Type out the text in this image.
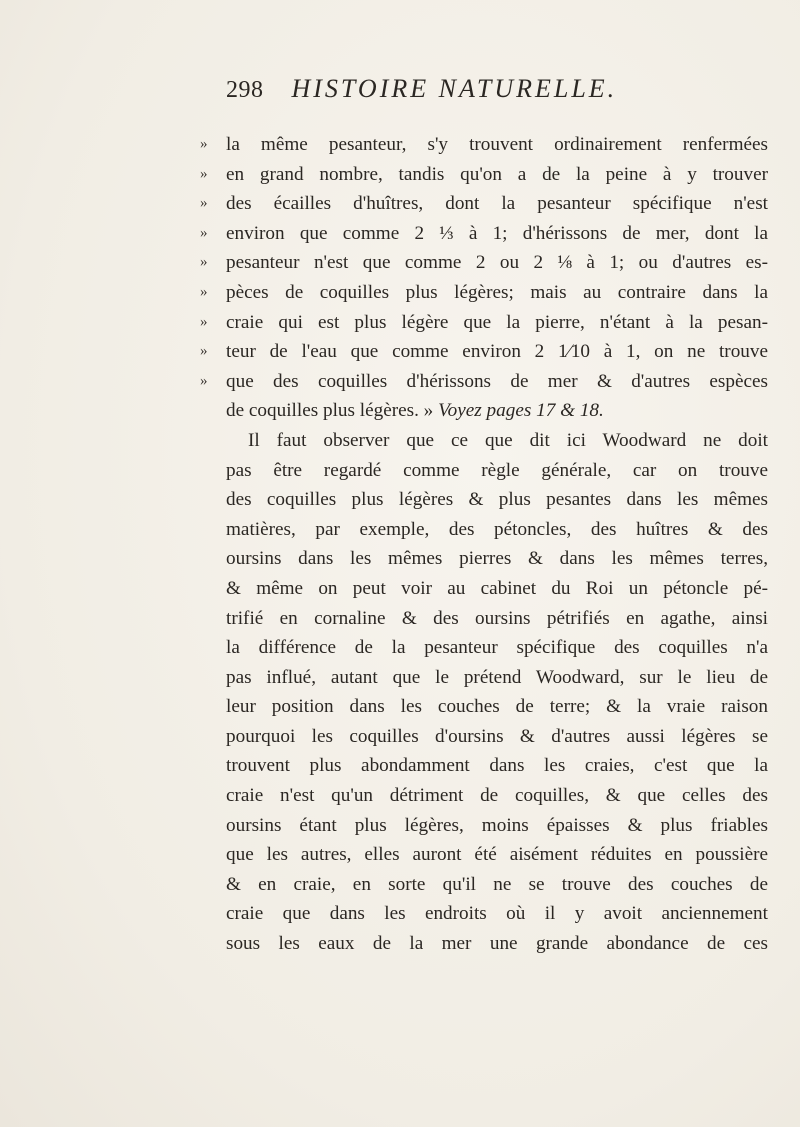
298 HISTOIRE NATURELLE.
» la même pesanteur, s'y trouvent ordinairement renfermées
» en grand nombre, tandis qu'on a de la peine à y trouver
» des écailles d'huîtres, dont la pesanteur spécifique n'est
» environ que comme 2 ⅓ à 1; d'hérissons de mer, dont la
» pesanteur n'est que comme 2 ou 2 ⅛ à 1; ou d'autres es-
» pèces de coquilles plus légères; mais au contraire dans la
» craie qui est plus légère que la pierre, n'étant à la pesan-
» teur de l'eau que comme environ 2 1⁄10 à 1, on ne trouve
» que des coquilles d'hérissons de mer & d'autres espèces
de coquilles plus légères. » Voyez pages 17 & 18.
Il faut observer que ce que dit ici Woodward ne doit
pas être regardé comme règle générale, car on trouve
des coquilles plus légères & plus pesantes dans les mêmes
matières, par exemple, des pétoncles, des huîtres & des
oursins dans les mêmes pierres & dans les mêmes terres,
& même on peut voir au cabinet du Roi un pétoncle pé-
trifié en cornaline & des oursins pétrifiés en agathe, ainsi
la différence de la pesanteur spécifique des coquilles n'a
pas influé, autant que le prétend Woodward, sur le lieu de
leur position dans les couches de terre; & la vraie raison
pourquoi les coquilles d'oursins & d'autres aussi légères se
trouvent plus abondamment dans les craies, c'est que la
craie n'est qu'un détriment de coquilles, & que celles des
oursins étant plus légères, moins épaisses & plus friables
que les autres, elles auront été aisément réduites en poussière
& en craie, en sorte qu'il ne se trouve des couches de
craie que dans les endroits où il y avoit anciennement
sous les eaux de la mer une grande abondance de ces
